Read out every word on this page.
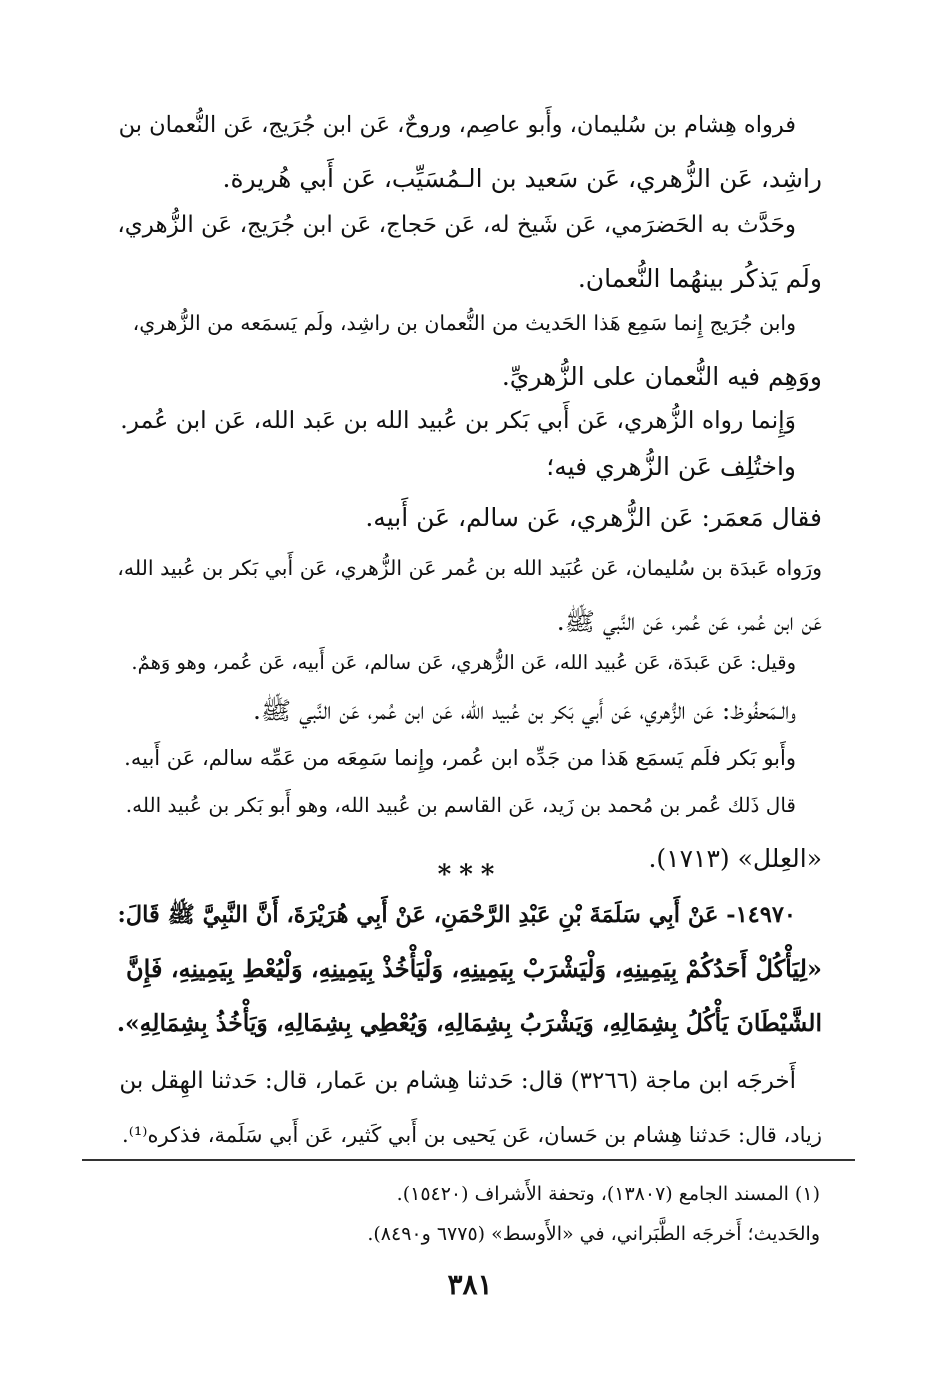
فرواه هِشام بن سُليمان، وأَبو عاصِم، وروحٌ، عَن ابن جُرَيج، عَن النُّعمان بن
راشِد، عَن الزُّهري، عَن سَعيد بن الـمُسَيِّب، عَن أَبي هُريرة.
وحَدَّث به الحَضرَمي، عَن شَيخ له، عَن حَجاج، عَن ابن جُرَيج، عَن الزُّهري،
ولَم يَذكُر بينهُما النُّعمان.
وابن جُرَيج إِنما سَمِع هَذا الحَديث من النُّعمان بن راشِد، ولَم يَسمَعه من الزُّهري،
ووَهِم فيه النُّعمان على الزُّهريِّ.
وَإِنما رواه الزُّهري، عَن أَبي بَكر بن عُبيد الله بن عَبد الله، عَن ابن عُمر.
واختُلِف عَن الزُّهري فيه؛
فقال مَعمَر: عَن الزُّهري، عَن سالم، عَن أَبيه.
ورَواه عَبدَة بن سُليمان، عَن عُبَيد الله بن عُمر عَن الزُّهري، عَن أَبي بَكر بن عُبيد الله،
عَن ابن عُمر، عَن عُمر، عَن النَّبي ﷺ.
وقيل: عَن عَبدَة، عَن عُبيد الله، عَن الزُّهري، عَن سالم، عَن أَبيه، عَن عُمر، وهو وَهمٌ.
والـمَحفُوظ: عَن الزُّهري، عَن أَبي بَكر بن عُبيد الله، عَن ابن عُمر، عَن النَّبي ﷺ.
وأَبو بَكر فلَم يَسمَع هَذا من جَدِّه ابن عُمر، وإِنما سَمِعَه من عَمِّه سالم، عَن أَبيه.
قال ذَلك عُمر بن مُحمد بن زَيد، عَن القاسم بن عُبيد الله، وهو أَبو بَكر بن عُبيد الله.
«العِلل» (١٧١٣).
***
١٤٩٧٠- عَنْ أَبِي سَلَمَةَ بْنِ عَبْدِ الرَّحْمَنِ، عَنْ أَبِي هُرَيْرَةَ، أَنَّ النَّبِيَّ ﷺ قَالَ:
«لِيَأْكُلْ أَحَدُكُمْ بِيَمِينِهِ، وَلْيَشْرَبْ بِيَمِينِهِ، وَلْيَأْخُذْ بِيَمِينِهِ، وَلْيُعْطِ بِيَمِينِهِ، فَإِنَّ
الشَّيْطَانَ يَأْكُلُ بِشِمَالِهِ، وَيَشْرَبُ بِشِمَالِهِ، وَيُعْطِي بِشِمَالِهِ، وَيَأْخُذُ بِشِمَالِهِ».
أَخرجَه ابن ماجة (٣٢٦٦) قال: حَدثنا هِشام بن عَمار، قال: حَدثنا الهِقل بن
زياد، قال: حَدثنا هِشام بن حَسان، عَن يَحيى بن أَبي كَثير، عَن أَبي سَلَمة، فذكره⁽¹⁾.
(١) المسند الجامع (١٣٨٠٧)، وتحفة الأَشراف (١٥٤٢٠).
والحَديث؛ أَخرجَه الطَّبَراني، في «الأَوسط» (٦٧٧٥ و٨٤٩٠).
٣٨١
